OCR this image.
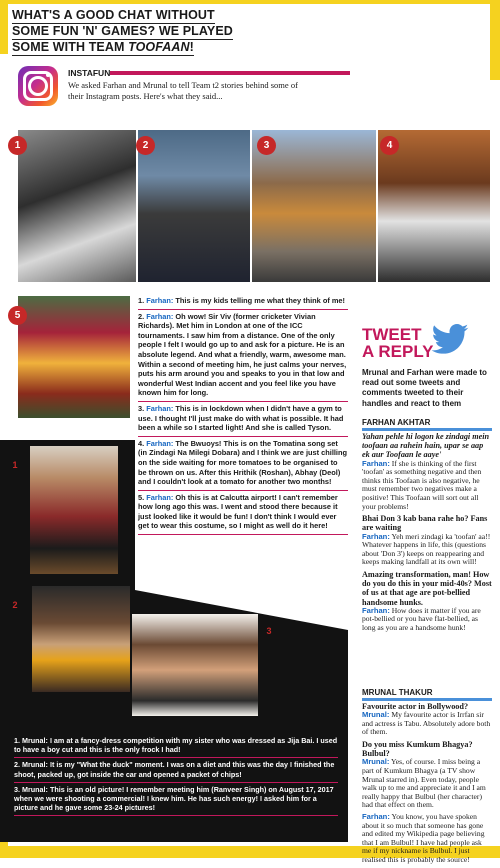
WHAT'S A GOOD CHAT WITHOUT
SOME FUN 'N' GAMES? WE PLAYED
SOME WITH TEAM TOOFAAN!
INSTAFUN
We asked Farhan and Mrunal to tell Team t2 stories behind some of their Instagram posts. Here's what they said...
1	2	3	4
5
1. Farhan: This is my kids telling me what they think of me!
2. Farhan: Oh wow! Sir Viv (former cricketer Vivian Richards). Met him in London at one of the ICC tournaments. I saw him from a distance. One of the only people I felt I would go up to and ask for a picture. He is an absolute legend. And what a friendly, warm, awesome man. Within a second of meeting him, he just calms your nerves, puts his arm around you and speaks to you in that low and wonderful West Indian accent and you feel like you have known him for long.
3. Farhan: This is in lockdown when I didn't have a gym to use. I thought I'll just make do with what is possible. It had been a while so I started light! And she is called Tyson.
4. Farhan: The Bwuoys! This is on the Tomatina song set (in Zindagi Na Milegi Dobara) and I think we are just chilling on the side waiting for more tomatoes to be organised to be thrown on us. After this Hrithik (Roshan), Abhay (Deol) and I couldn't look at a tomato for another two months!
5. Farhan: Oh this is at Calcutta airport! I can't remember how long ago this was. I went and stood there because it just looked like it would be fun! I don't think I would ever get to wear this costume, so I might as well do it here!
1
2
3
1. Mrunal: I am at a fancy-dress competition with my sister who was dressed as Jija Bai. I used to have a boy cut and this is the only frock I had!
2. Mrunal: It is my "What the duck" moment. I was on a diet and this was the day I finished the shoot, packed up, got inside the car and opened a packet of chips!
3. Mrunal: This is an old picture! I remember meeting him (Ranveer Singh) on August 17, 2017 when we were shooting a commercial! I knew him. He has such energy! I asked him for a picture and he gave some 23-24 pictures!
TWEET
A REPLY
Mrunal and Farhan were made to read out some tweets and comments tweeted to their handles and react to them
FARHAN AKHTAR
Yahan pehle hi logon ke zindagi mein toofaan aa rahein hain, upar se aap ek aur Toofaan le aaye'
Farhan: If she is thinking of the first 'toofan' as something negative and then thinks this Toofaan is also negative, he must remember two negatives make a positive! This Toofaan will sort out all your problems!
Bhai Don 3 kab bana rahe ho? Fans are waiting
Farhan: Yeh meri zindagi ka 'toofan' aa!! Whatever happens in life, this (questions about 'Don 3') keeps on reappearing and keeps making landfall at its own will!
Amazing transformation, man! How do you do this in your mid-40s? Most of us at that age are pot-bellied handsome hunks.
Farhan: How does it matter if you are pot-bellied or you have flat-bellied, as long as you are a handsome hunk!
MRUNAL THAKUR
Favourite actor in Bollywood?
Mrunal: My favourite actor is Irrfan sir and actress is Tabu. Absolutely adore both of them.
Do you miss Kumkum Bhagya? Bulbul?
Mrunal: Yes, of course. I miss being a part of Kumkum Bhagya (a TV show Mrunal starred in). Even today, people walk up to me and appreciate it and I am really happy that Bulbul (her character) had that effect on them.
Farhan: You know, you have spoken about it so much that someone has gone and edited my Wikipedia page believing that I am Bulbul! I have had people ask me if my nickname is Bulbul. I just realised this is probably the source!
